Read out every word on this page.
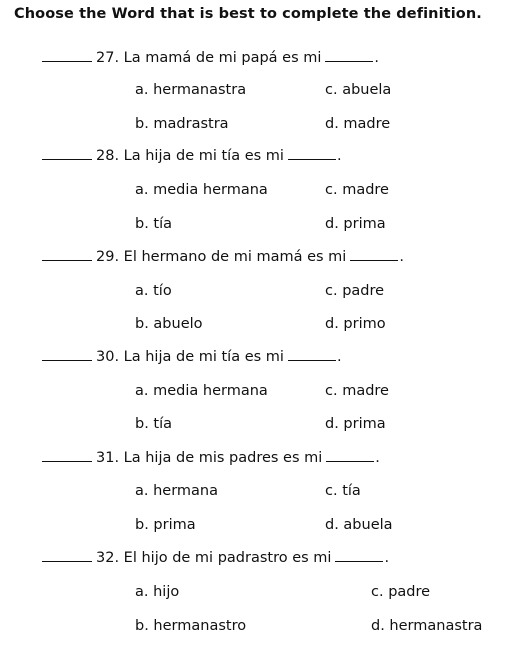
Choose the Word that is best to complete the definition.
27. La mamá de mi papá es mi	.
a. hermanastra	c. abuela
b. madrastra	d. madre
28. La hija de mi tía es mi	.
a. media hermana	c. madre
b. tía	d. prima
29. El hermano de mi mamá es mi	.
a. tío	c. padre
b. abuelo	d. primo
30. La hija de mi tía es mi	.
a. media hermana	c. madre
b. tía	d. prima
31. La hija de mis padres es mi	.
a. hermana	c. tía
b. prima	d. abuela
32. El hijo de mi padrastro es mi	.
a. hijo	c. padre
b. hermanastro	d. hermanastra
